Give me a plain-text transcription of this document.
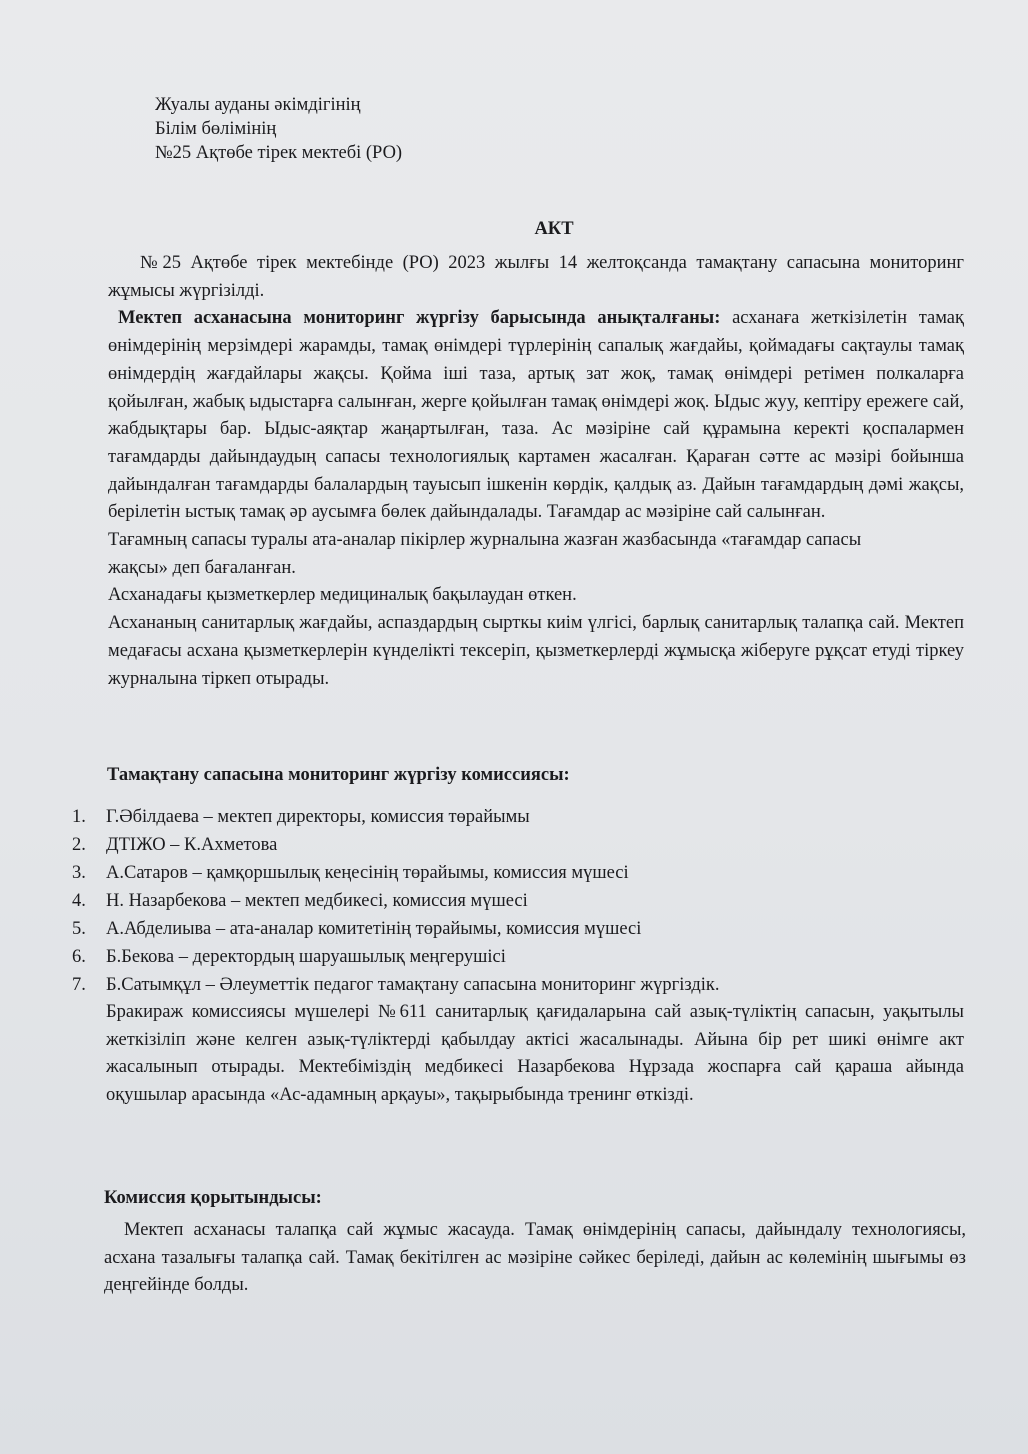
Жуалы ауданы әкімдігінің
Білім бөлімінің
№25 Ақтөбе тірек мектебі (РО)
АКТ

№25 Ақтөбе тірек мектебінде (РО) 2023 жылғы 14 желтоқсанда тамақтану сапасына мониторинг жұмысы жүргізілді.

Мектеп асханасына мониторинг жүргізу барысында анықталғаны: асханаға жеткізілетін тамақ өнімдерінің мерзімдері жарамды, тамақ өнімдері түрлерінің сапалық жағдайы, қоймадағы сақтаулы тамақ өнімдердің жағдайлары жақсы. Қойма іші таза, артық зат жоқ, тамақ өнімдері ретімен полкаларға қойылған, жабық ыдыстарға салынған, жерге қойылған тамақ өнімдері жоқ. Ыдыс жуу, кептіру ережеге сай, жабдықтары бар. Ыдыс-аяқтар жаңартылған, таза. Ас мәзіріне сай құрамына керекті қоспалармен тағамдарды дайындаудың сапасы технологиялық картамен жасалған. Қараған сәтте ас мәзірі бойынша дайындалған тағамдарды балалардың тауысып ішкенін көрдік, қалдық аз. Дайын тағамдардың дәмі жақсы, берілетін ыстық тамақ әр аусымға бөлек дайындалады. Тағамдар ас мәзіріне сай салынған.

Тағамның сапасы туралы ата-аналар пікірлер журналына жазған жазбасында «тағамдар сапасы жақсы» деп бағаланған.

Асханадағы қызметкерлер медициналық бақылаудан өткен.

Асхананың санитарлық жағдайы, аспаздардың сырткы киім үлгісі, барлық санитарлық талапқа сай. Мектеп медағасы асхана қызметкерлерін күнделікті тексеріп, қызметкерлерді жұмысқа жіберуге рұқсат етуді тіркеу журналына тіркеп отырады.

Тамақтану сапасына мониторинг жүргізу комиссиясы:
1.	Г.Әбілдаева – мектеп директоры, комиссия төрайымы
2.	ДТІЖО – К.Ахметова
3.	А.Сатаров – қамқоршылық кеңесінің төрайымы, комиссия мүшесі
4.	Н. Назарбекова – мектеп медбикесі, комиссия мүшесі
5.	А.Абделиыва – ата-аналар комитетінің төрайымы, комиссия мүшесі
6.	Б.Бекова – деректордың шаруашылық меңгерушісі
7.	Б.Сатымқұл – Әлеуметтік педагог тамақтану сапасына мониторинг жүргіздік.

Бракираж комиссиясы мүшелері №611 санитарлық қағидаларына сай азық-түліктің сапасын, уақытылы жеткізіліп және келген азық-түліктерді қабылдау актісі жасалынады. Айына бір рет шикі өнімге акт жасалынып отырады. Мектебіміздің медбикесі Назарбекова Нұрзада жоспарға сай қараша айында оқушылар арасында «Ас-адамның арқауы», тақырыбында тренинг өткізді.

Комиссия қорытындысы:

Мектеп асханасы талапқа сай жұмыс жасауда. Тамақ өнімдерінің сапасы, дайындалу технологиясы, асхана тазалығы талапқа сай. Тамақ бекітілген ас мәзіріне сәйкес беріледі, дайын ас көлемінің шығымы өз деңгейінде болды.
